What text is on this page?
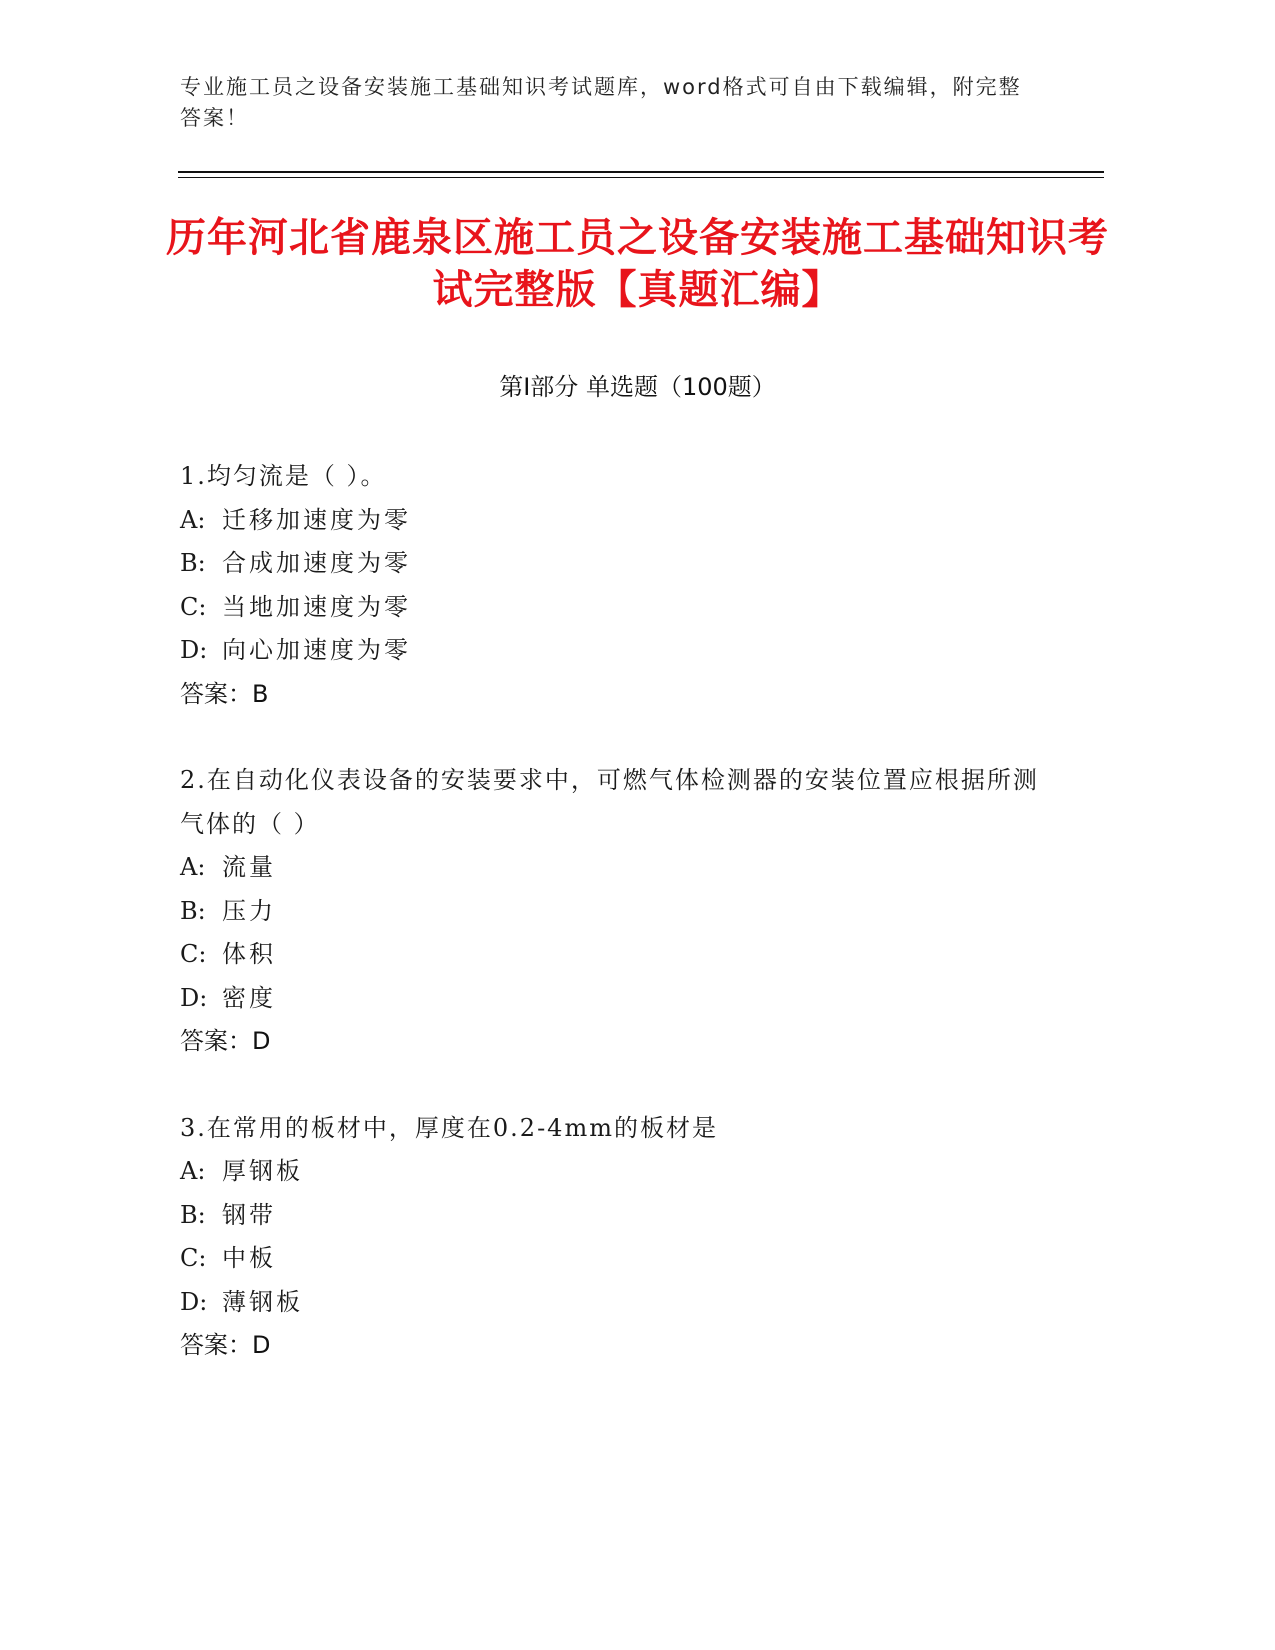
专业施工员之设备安装施工基础知识考试题库，word格式可自由下载编辑，附完整答案！
历年河北省鹿泉区施工员之设备安装施工基础知识考试完整版【真题汇编】
第Ⅰ部分 单选题（100题）
1.均匀流是（ ）。
A: 迁移加速度为零
B: 合成加速度为零
C: 当地加速度为零
D: 向心加速度为零
答案：B
2.在自动化仪表设备的安装要求中，可燃气体检测器的安装位置应根据所测气体的（ ）
A: 流量
B: 压力
C: 体积
D: 密度
答案：D
3.在常用的板材中，厚度在0.2-4mm的板材是
A: 厚钢板
B: 钢带
C: 中板
D: 薄钢板
答案：D
